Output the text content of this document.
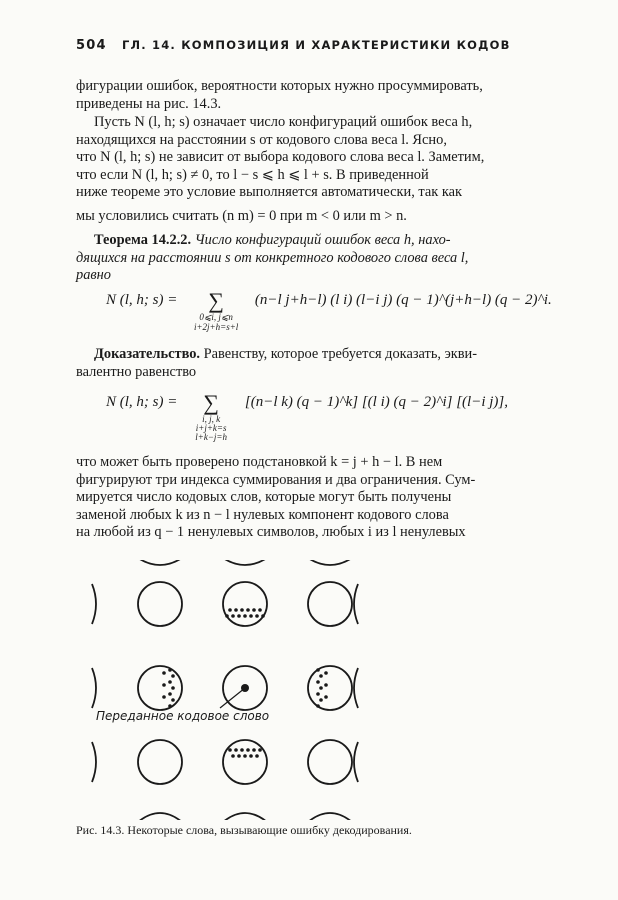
504 ГЛ. 14. КОМПОЗИЦИЯ И ХАРАКТЕРИСТИКИ КОДОВ
фигурации ошибок, вероятности которых нужно просуммировать,
приведены на рис. 14.3.
Пусть N (l, h; s) означает число конфигураций ошибок веса h,
находящихся на расстоянии s от кодового слова веса l. Ясно,
что N (l, h; s) не зависит от выбора кодового слова веса l. Заметим,
что если N (l, h; s) ≠ 0, то l − s ⩽ h ⩽ l + s. В приведенной
ниже теореме это условие выполняется автоматически, так как
мы условились считать (n m) = 0 при m < 0 или m > n.
Теорема 14.2.2. Число конфигураций ошибок веса h, нахо-
дящихся на расстоянии s от конкретного кодового слова веса l,
равно
N (l, h; s) = ∑
0⩽i, j⩽n
i+2j+h=s+l
(n−l j+h−l) (l i) (l−i j) (q − 1)^(j+h−l) (q − 2)^i.
Доказательство. Равенству, которое требуется доказать, экви-
валентно равенство
N (l, h; s) = ∑
i, j, k
i+j+k=s
l+k−j=h
[(n−l k) (q − 1)^k] [(l i) (q − 2)^i] [(l−i j)],
что может быть проверено подстановкой k = j + h − l. В нем
фигурируют три индекса суммирования и два ограничения. Сум-
мируется число кодовых слов, которые могут быть получены
заменой любых k из n − l нулевых компонент кодового слова
на любой из q − 1 ненулевых символов, любых i из l ненулевых
Переданное кодовое слово
Рис. 14.3. Некоторые слова, вызывающие ошибку декодирования.
